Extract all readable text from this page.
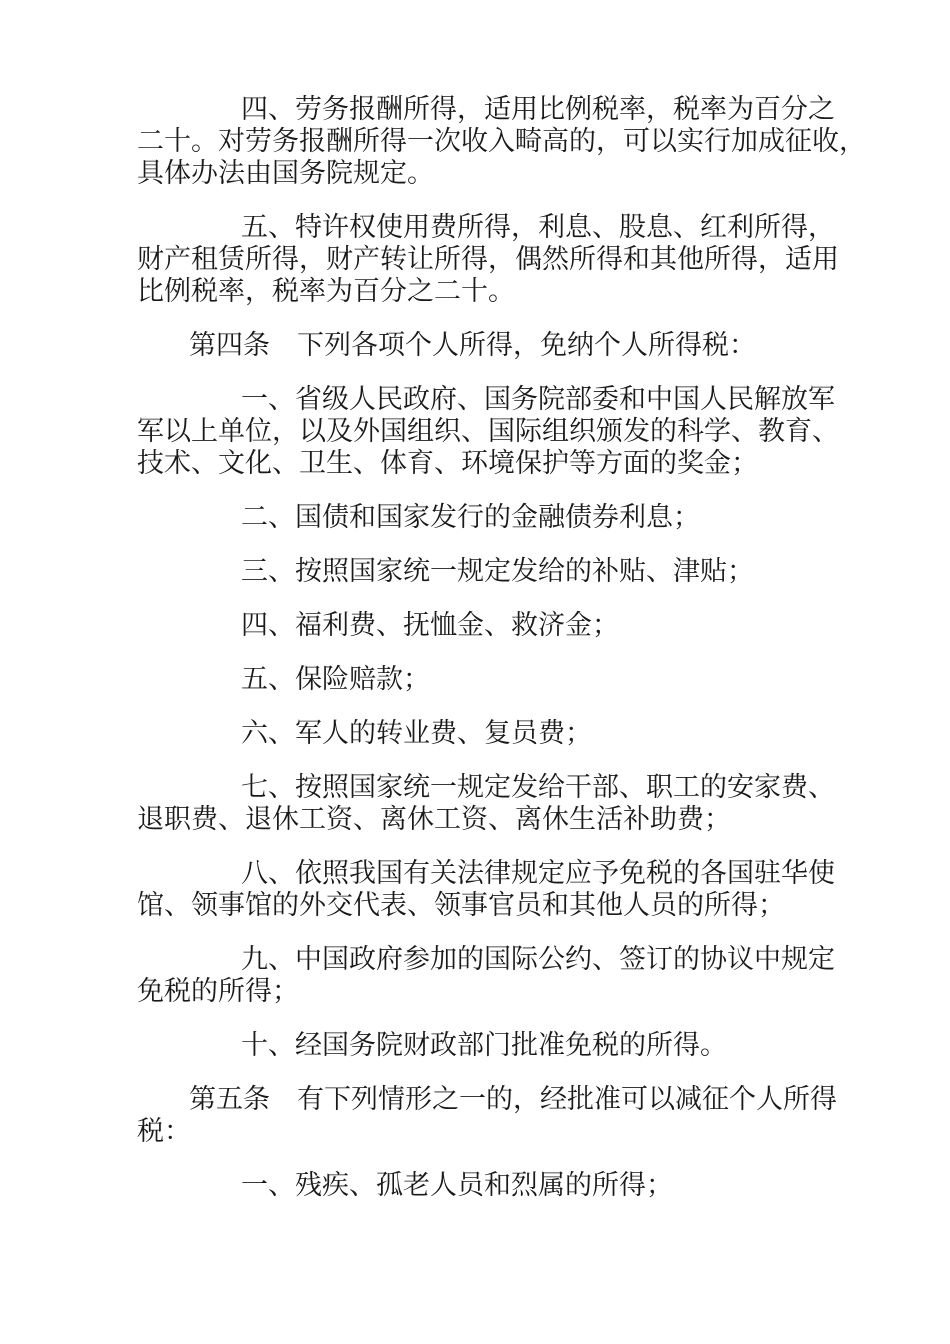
四、劳务报酬所得，适用比例税率，税率为百分之
二十。对劳务报酬所得一次收入畸高的，可以实行加成征收，
具体办法由国务院规定。

五、特许权使用费所得，利息、股息、红利所得，
财产租赁所得，财产转让所得，偶然所得和其他所得，适用
比例税率，税率为百分之二十。

第四条 下列各项个人所得，免纳个人所得税：

一、省级人民政府、国务院部委和中国人民解放军
军以上单位，以及外国组织、国际组织颁发的科学、教育、
技术、文化、卫生、体育、环境保护等方面的奖金；

二、国债和国家发行的金融债券利息；

三、按照国家统一规定发给的补贴、津贴；

四、福利费、抚恤金、救济金；

五、保险赔款；

六、军人的转业费、复员费；

七、按照国家统一规定发给干部、职工的安家费、
退职费、退休工资、离休工资、离休生活补助费；

八、依照我国有关法律规定应予免税的各国驻华使
馆、领事馆的外交代表、领事官员和其他人员的所得；

九、中国政府参加的国际公约、签订的协议中规定
免税的所得；

十、经国务院财政部门批准免税的所得。

第五条 有下列情形之一的，经批准可以减征个人所得
税：

一、残疾、孤老人员和烈属的所得；
